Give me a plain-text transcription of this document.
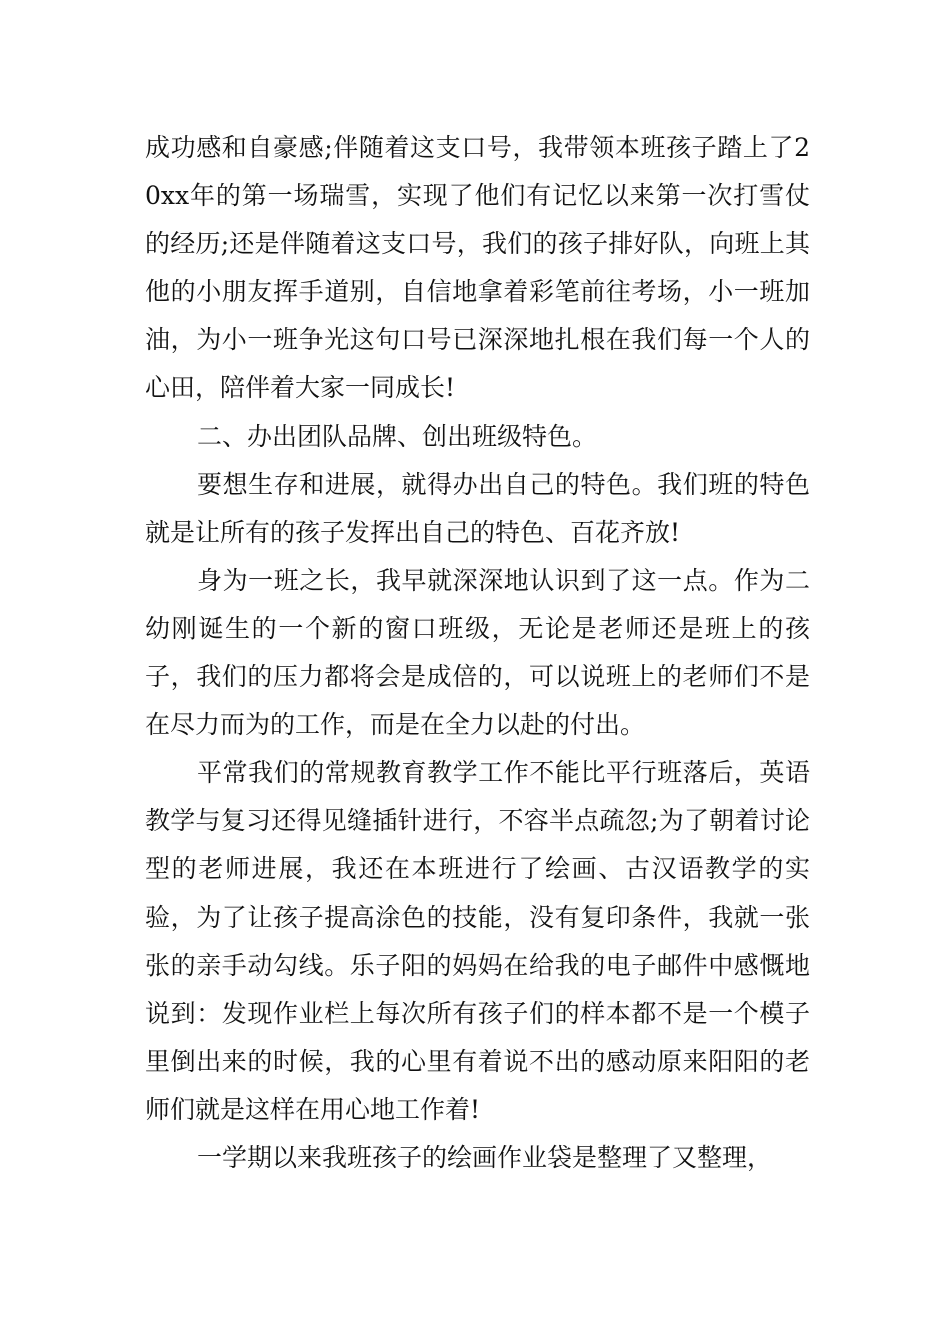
成功感和自豪感;伴随着这支口号，我带领本班孩子踏上了20xx年的第一场瑞雪，实现了他们有记忆以来第一次打雪仗的经历;还是伴随着这支口号，我们的孩子排好队，向班上其他的小朋友挥手道别，自信地拿着彩笔前往考场，小一班加油，为小一班争光这句口号已深深地扎根在我们每一个人的心田，陪伴着大家一同成长!

二、办出团队品牌、创出班级特色。

要想生存和进展，就得办出自己的特色。我们班的特色就是让所有的孩子发挥出自己的特色、百花齐放!

身为一班之长，我早就深深地认识到了这一点。作为二幼刚诞生的一个新的窗口班级，无论是老师还是班上的孩子，我们的压力都将会是成倍的，可以说班上的老师们不是在尽力而为的工作，而是在全力以赴的付出。

平常我们的常规教育教学工作不能比平行班落后，英语教学与复习还得见缝插针进行，不容半点疏忽;为了朝着讨论型的老师进展，我还在本班进行了绘画、古汉语教学的实验，为了让孩子提高涂色的技能，没有复印条件，我就一张张的亲手动勾线。乐子阳的妈妈在给我的电子邮件中感慨地说到：发现作业栏上每次所有孩子们的样本都不是一个模子里倒出来的时候，我的心里有着说不出的感动原来阳阳的老师们就是这样在用心地工作着!

一学期以来我班孩子的绘画作业袋是整理了又整理，
